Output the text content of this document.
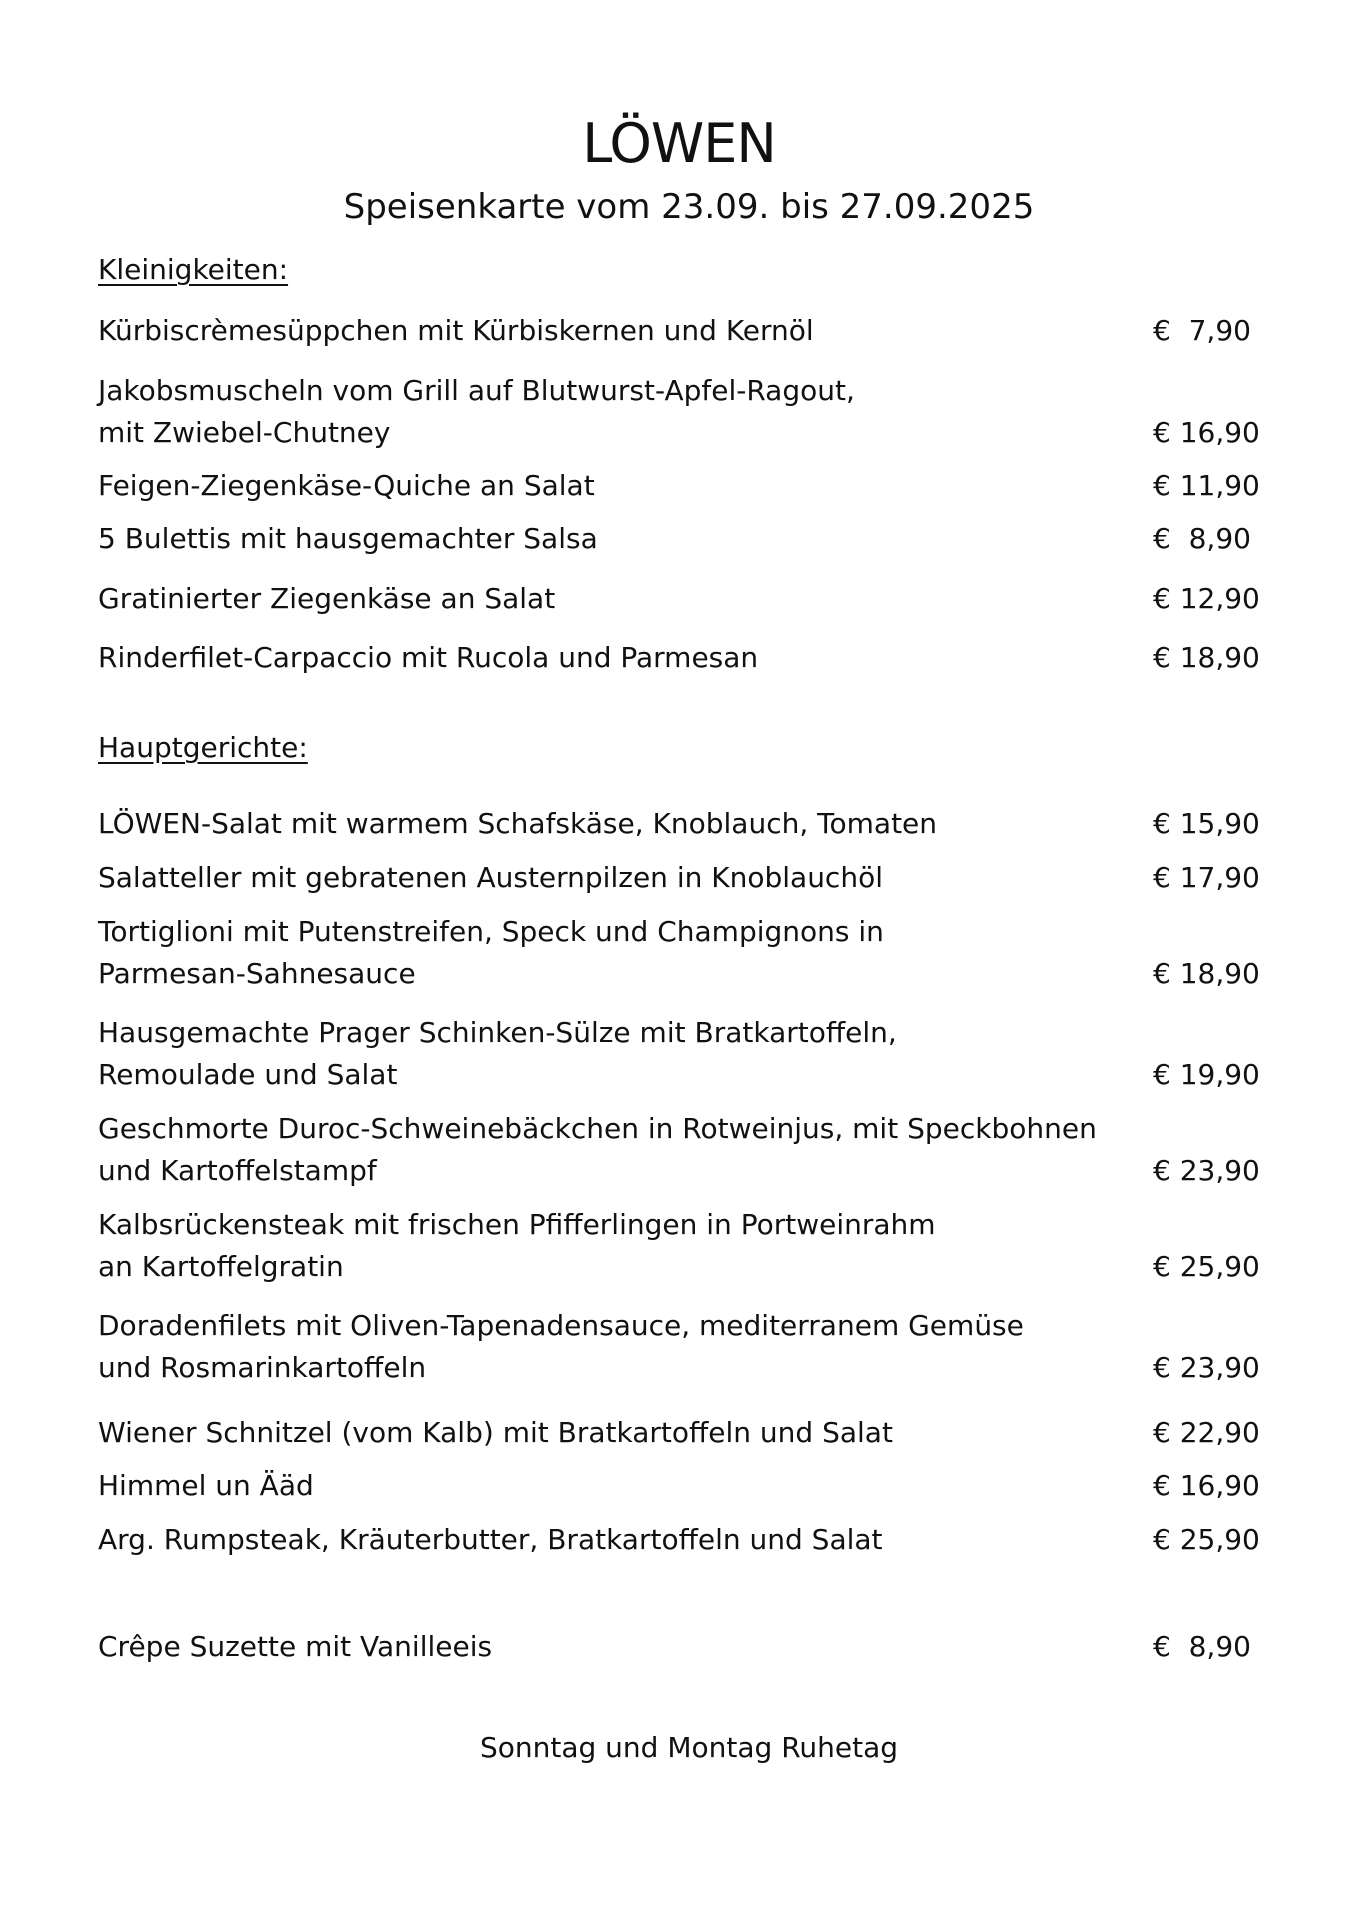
LÖWEN
Speisenkarte vom 23.09. bis 27.09.2025
Kleinigkeiten:
Kürbiscrèmesüppchen mit Kürbiskernen und Kernöl	€  7,90
Jakobsmuscheln vom Grill auf Blutwurst-Apfel-Ragout,
mit Zwiebel-Chutney	€ 16,90
Feigen-Ziegenkäse-Quiche an Salat	€ 11,90
5 Bulettis mit hausgemachter Salsa	€  8,90
Gratinierter Ziegenkäse an Salat	€ 12,90
Rinderfilet-Carpaccio mit Rucola und Parmesan	€ 18,90
Hauptgerichte:
LÖWEN-Salat mit warmem Schafskäse, Knoblauch, Tomaten	€ 15,90
Salatteller mit gebratenen Austernpilzen in Knoblauchöl	€ 17,90
Tortiglioni mit Putenstreifen, Speck und Champignons in
Parmesan-Sahnesauce	€ 18,90
Hausgemachte Prager Schinken-Sülze mit Bratkartoffeln,
Remoulade und Salat	€ 19,90
Geschmorte Duroc-Schweinebäckchen in Rotweinjus, mit Speckbohnen
und Kartoffelstampf	€ 23,90
Kalbsrückensteak mit frischen Pfifferlingen in Portweinrahm
an Kartoffelgratin	€ 25,90
Doradenfilets mit Oliven-Tapenadensauce, mediterranem Gemüse
und Rosmarinkartoffeln	€ 23,90
Wiener Schnitzel (vom Kalb) mit Bratkartoffeln und Salat	€ 22,90
Himmel un Ääd	€ 16,90
Arg. Rumpsteak, Kräuterbutter, Bratkartoffeln und Salat	€ 25,90
Crêpe Suzette mit Vanilleeis	€  8,90
Sonntag und Montag Ruhetag
